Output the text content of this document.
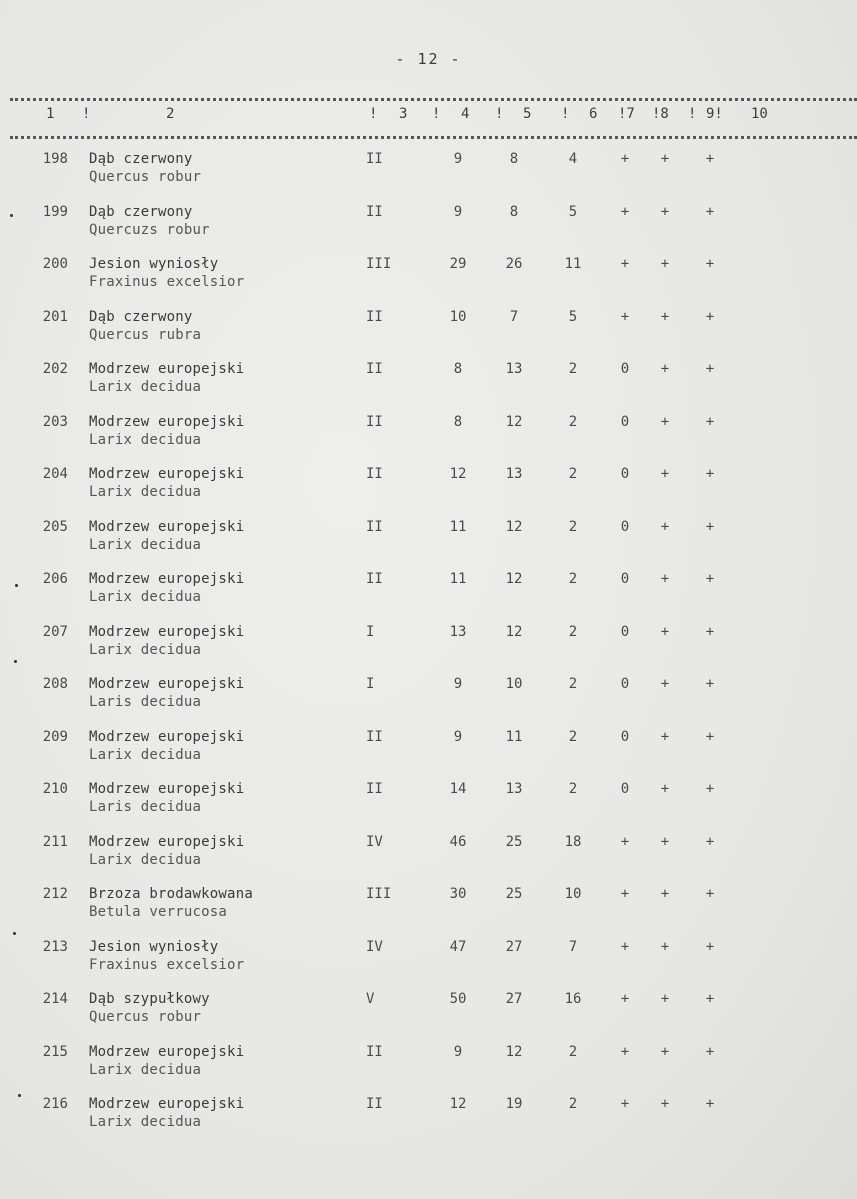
- 12 -
1 !	2	! 3 ! 4 ! 5 ! 6 !7 !8 ! 9! 10
198 Dąb czerwony
Quercus robur
II	9	8	4	+	+	+
199 Dąb czerwony
Quercuzs robur
II	9	8	5	+	+	+
200 Jesion wyniosły
Fraxinus excelsior
III	29	26	11	+	+	+
201 Dąb czerwony
Quercus rubra
II	10	7	5	+	+	+
202 Modrzew europejski
Larix decidua
II	8	13	2	0	+	+
203 Modrzew europejski
Larix decidua
II	8	12	2	0	+	+
204 Modrzew europejski
Larix decidua
II	12	13	2	0	+	+
205 Modrzew europejski
Larix decidua
II	11	12	2	0	+	+
206 Modrzew europejski
Larix decidua
II	11	12	2	0	+	+
207 Modrzew europejski
Larix decidua
I	13	12	2	0	+	+
208 Modrzew europejski
Laris decidua
I	9	10	2	0	+	+
209 Modrzew europejski
Larix decidua
II	9	11	2	0	+	+
210 Modrzew europejski
Laris decidua
II	14	13	2	0	+	+
211 Modrzew europejski
Larix decidua
IV	46	25	18	+	+	+
212 Brzoza brodawkowana
Betula verrucosa
III	30	25	10	+	+	+
213 Jesion wyniosły
Fraxinus excelsior
IV	47	27	7	+	+	+
214 Dąb szypułkowy
Quercus robur
V	50	27	16	+	+	+
215 Modrzew europejski
Larix decidua
II	9	12	2	+	+	+
216 Modrzew europejski
Larix decidua
II	12	19	2	+	+	+
